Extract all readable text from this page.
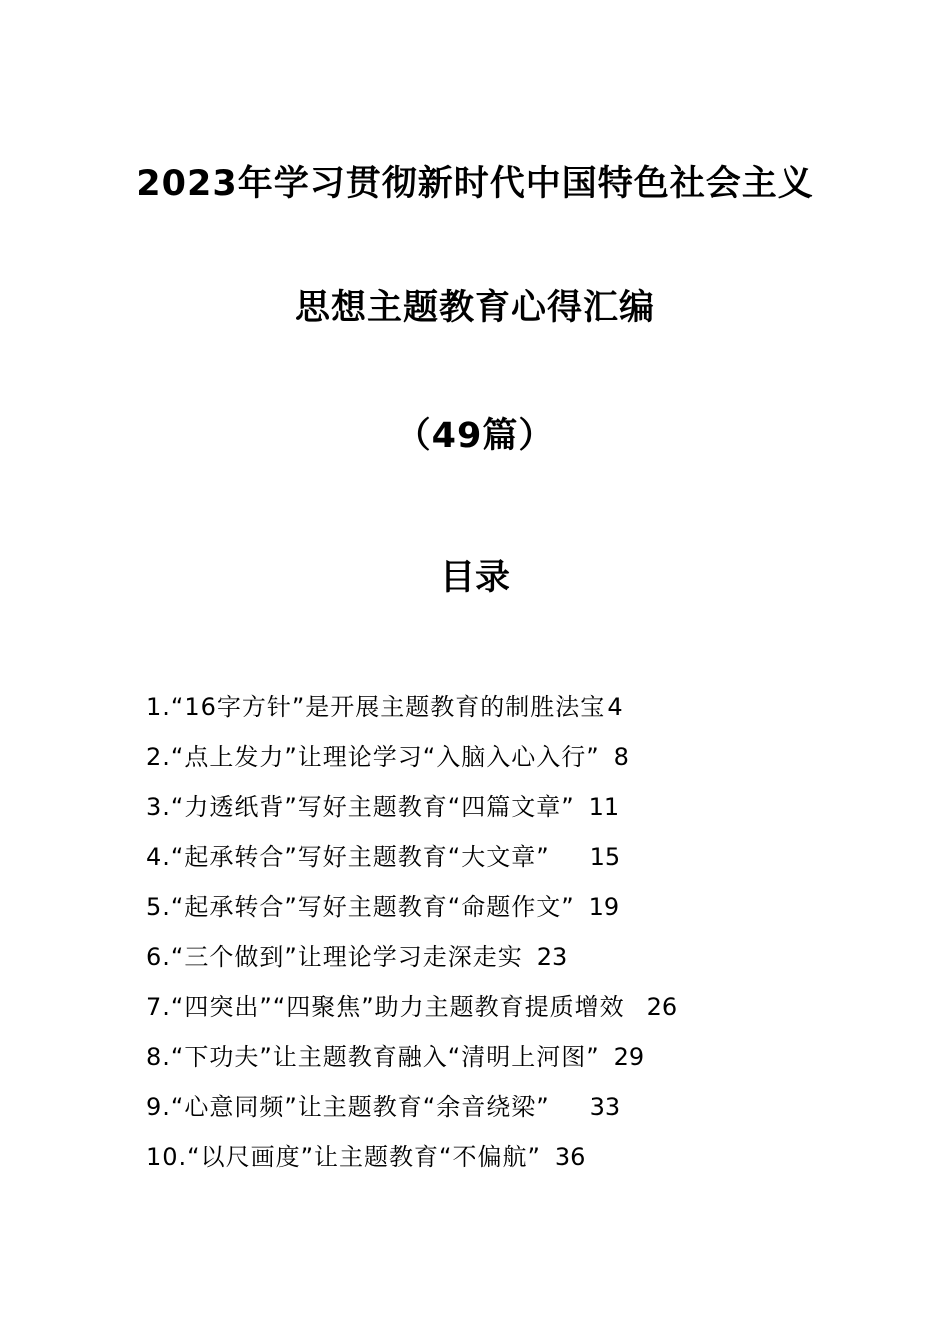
2023年学习贯彻新时代中国特色社会主义
思想主题教育心得汇编
（49篇）
目录
1.“16字方针”是开展主题教育的制胜法宝 4
2.“点上发力”让理论学习“入脑入心入行” 8
3.“力透纸背”写好主题教育“四篇文章” 11
4.“起承转合”写好主题教育“大文章” 15
5.“起承转合”写好主题教育“命题作文” 19
6.“三个做到”让理论学习走深走实 23
7.“四突出”“四聚焦”助力主题教育提质增效 26
8.“下功夫”让主题教育融入“清明上河图” 29
9.“心意同频”让主题教育“余音绕梁” 33
10.“以尺画度”让主题教育“不偏航” 36
